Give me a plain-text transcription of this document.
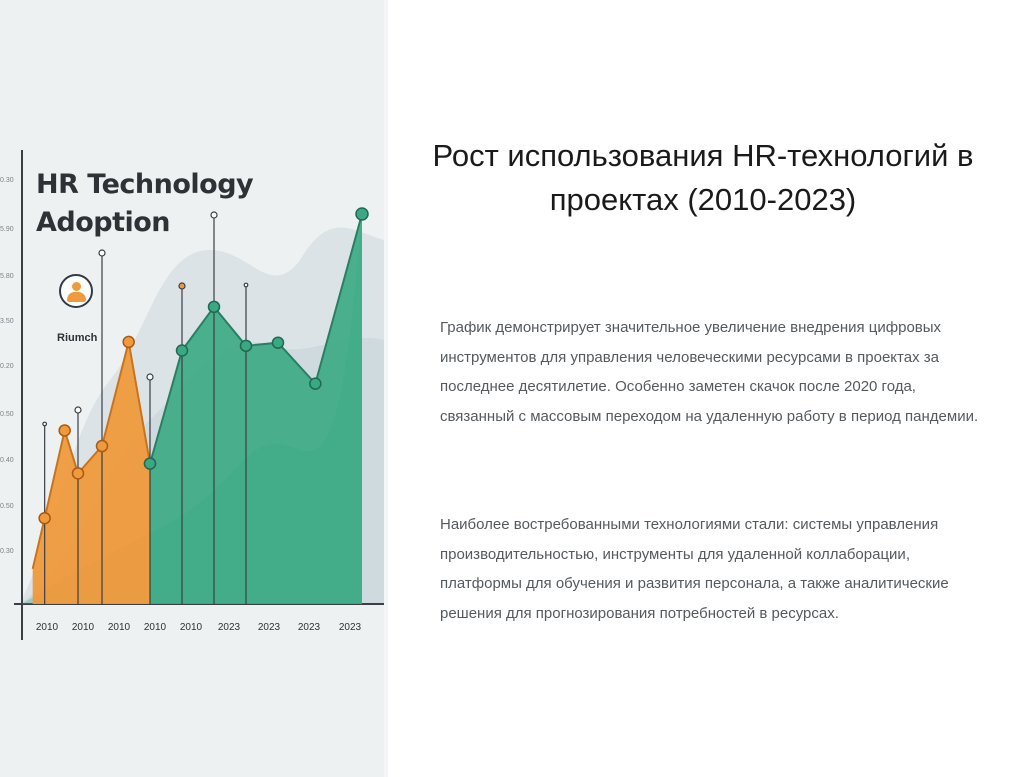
HR Technology Adoption
Riumch
2010	2010	2010	2010	2010	2023	2023	2023	2023
0.30
0.50
0.40
0.50
0.20
3.50
5.80
5.90
0.30
Рост использования HR-технологий в проектах (2010-2023)

График демонстрирует значительное увеличение внедрения цифровых инструментов для управления человеческими ресурсами в проектах за последнее десятилетие. Особенно заметен скачок после 2020 года, связанный с массовым переходом на удаленную работу в период пандемии.

Наиболее востребованными технологиями стали: системы управления производительностью, инструменты для удаленной коллаборации, платформы для обучения и развития персонала, а также аналитические решения для прогнозирования потребностей в ресурсах.
